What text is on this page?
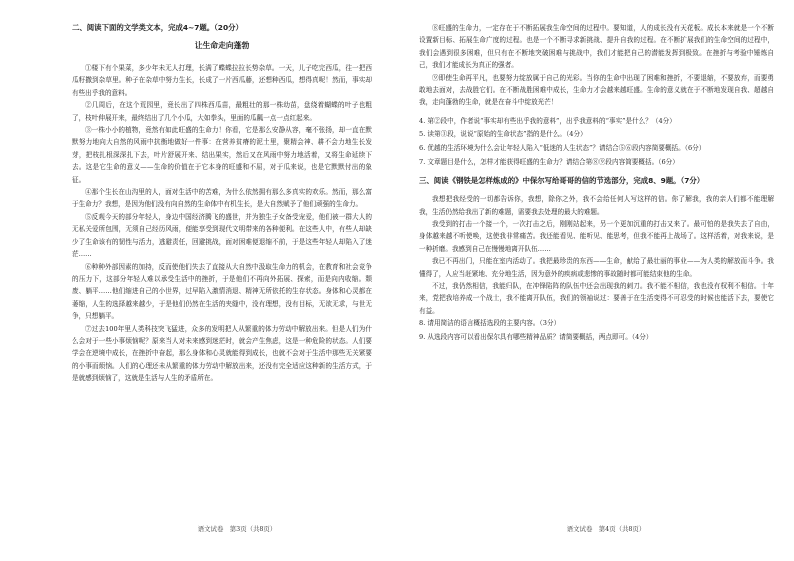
二、阅读下面的文学类文本，完成4~7题。（20分）

让生命走向蓬勃

①楼下有个果菜，多少年未无人打理，长满了蝶蝶拉拉长势杂草。一天，儿子吃完西瓜，往一把西瓜籽撒到杂草里。种子在杂草中努力生长，长成了一片西瓜藤，还想种西瓜，想得真呢！然而，事实却有些出乎我的意料。

②几周后，在这个荒园里，竟长出了四株西瓜苗，最粗壮的那一株幼苗，盘绕着蝴蝶的叶子也粗了，枝叶伸展开来，最终结出了几个小瓜，大如拳头，里面的瓜瓤一点一点红起来。

③一株小小的植物，竟然有如此旺盛的生命力！你看，它是那么安静从容，毫不张扬，却一直在默默努力地向大自然的风雨中抗衡地做好一件事：在营养贫瘠的泥土里，聚精会神、耕不会力地生长发芽，把枝扎根深深扎下去，叶片舒展开来、结出果实，然后又在风雨中努力地活着，又将生命延续下去。这是它生命的意义——生命的价值在于它本身的旺盛和不屈，对于瓜来说，也是它默默付出的象征。

④那个生长在山沟里的人，面对生活中的苦难，为什么依然拥有那么多真实的欢乐。然而，那么富于生命力？我想，是因为他们没有向自然的生命体中有机生长，是大自然赋予了他们顽强的生命力。

⑤反观今天的部分年轻人，身边中国经济腾飞的盛世，并为独生子女备受宠爱，他们被一群大人的无私关爱所包围，无须自己经历风雨，便能享受到现代文明带来的各种便利。在这些人中，有些人却缺少了生命该有的韧性与活力，逃避责任，回避挑战，面对困难便退缩不前，于是这些年轻人却陷入了迷茫……

⑥种种外部因素的加持，反而使他们失去了直接从大自然中汲取生命力的机会，在教育和社会竞争的压力下，这部分年轻人难以承受生活中的挫折，于是他们不再向外拓展、探索，而是向内收缩。颓废、躺平……他们缩进自己的小世界，过早陷入激情消退、精神无所依托的生存状态。身体和心灵都在萎缩，人生的选择越来越少，于是他们仍然在生活的夹缝中，没有理想，没有目标，无欲无求，与世无争，只想躺平。

⑦过去100年里人类科技突飞猛进，众多的发明把人从繁重的体力劳动中解放出来。但是人们为什么会对于一些小事烦恼呢？原来当人对未来感到迷茫时，就会产生焦虑，这是一种危险的状态。人们要学会在逆境中成长，在挫折中奋起，那么身体和心灵就能得到成长，也就不会对于生活中那些无关紧要的小事而烦恼。人们的心理还未从繁重的体力劳动中解放出来，还没有完全适应这种新的生活方式，于是就感到烦恼了，这就是生活与人生的矛盾所在。

语文试卷　第3页（共8页）

⑧旺盛的生命力，一定存在于不断拓展我生命空间的过程中。要知道，人的成长没有天花板。成长本来就是一个不断设置新目标、拓展生命广度的过程。也是一个不断寻求新挑战、提升自我的过程。在不断扩展我们的生命空间的过程中，我们会遇到很多困难，但只有在不断地突破困难与挑战中，我们才能把自己的潜能发挥到极致。在挫折与考验中锤炼自己，我们才能成长为真正的强者。

⑨即使生命再平凡，也要努力绽放属于自己的光彩。当你的生命中出现了困难和挫折，不要退缩，不要放弃，而要勇敢地去面对，去战胜它们。在不断战胜困难中成长，生命力才会越来越旺盛。生命的意义就在于不断地发现自我、超越自我，走向蓬勃的生命，就是在奋斗中绽放光芒！

4. 第②段中，作者说“事实却有些出乎我的意料”，出乎我意料的“事实”是什么？（4分）

5. 读第③段，说说“原始的生命状态”指的是什么。（4分）

6. 优越的生活环境为什么会让年轻人陷入“低迷的人生状态”？请结合⑤⑥段内容简要概括。（6分）

7. 文章题目是什么，怎样才能获得旺盛的生命力？请结合第⑧⑨段内容简要概括。（6分）

三、阅读《钢铁是怎样炼成的》中保尔写给哥哥的信的节选部分，完成8、9题。（7分）

我想把我经受的一切都告诉你，我想，除你之外，我不会给任何人写这样的信。你了解我，我的亲人们都不能理解我，生活仍然给我出了新的难题，需要我去处理的最大的难题。

我受到的打击一个接一个，一次打击之后，刚刚站起来，另一个更加沉重的打击又来了。最可怕的是我失去了自由，身体越来越不听使唤，这使我非常痛苦。我还能看见、能听见、能思考，但我不能再上战场了。这样活着，对我来说，是一种折磨。我感到自己在慢慢地离开队伍……

我已不再出门，只能在室内活动了。我把最珍贵的东西——生命，献给了最壮丽的事业——为人类的解放而斗争。我懂得了，人应当赶紧地、充分地生活，因为意外的疾病或悲惨的事故随时都可能结束他的生命。

不过，我仍然相信，我能归队，在冲锋陷阵的队伍中还会出现我的刺刀。我不能不相信，我也没有权利不相信。十年来，党把我培养成一个战士，我不能离开队伍，我们的领袖说过：要善于在生活变得不可忍受的时候也能活下去，要使它有益。

8. 请用简洁的语言概括选段的主要内容。（3分）

9. 从选段内容可以看出保尔具有哪些精神品质？请简要概括，两点即可。（4分）

语文试卷　第4页（共8页）
